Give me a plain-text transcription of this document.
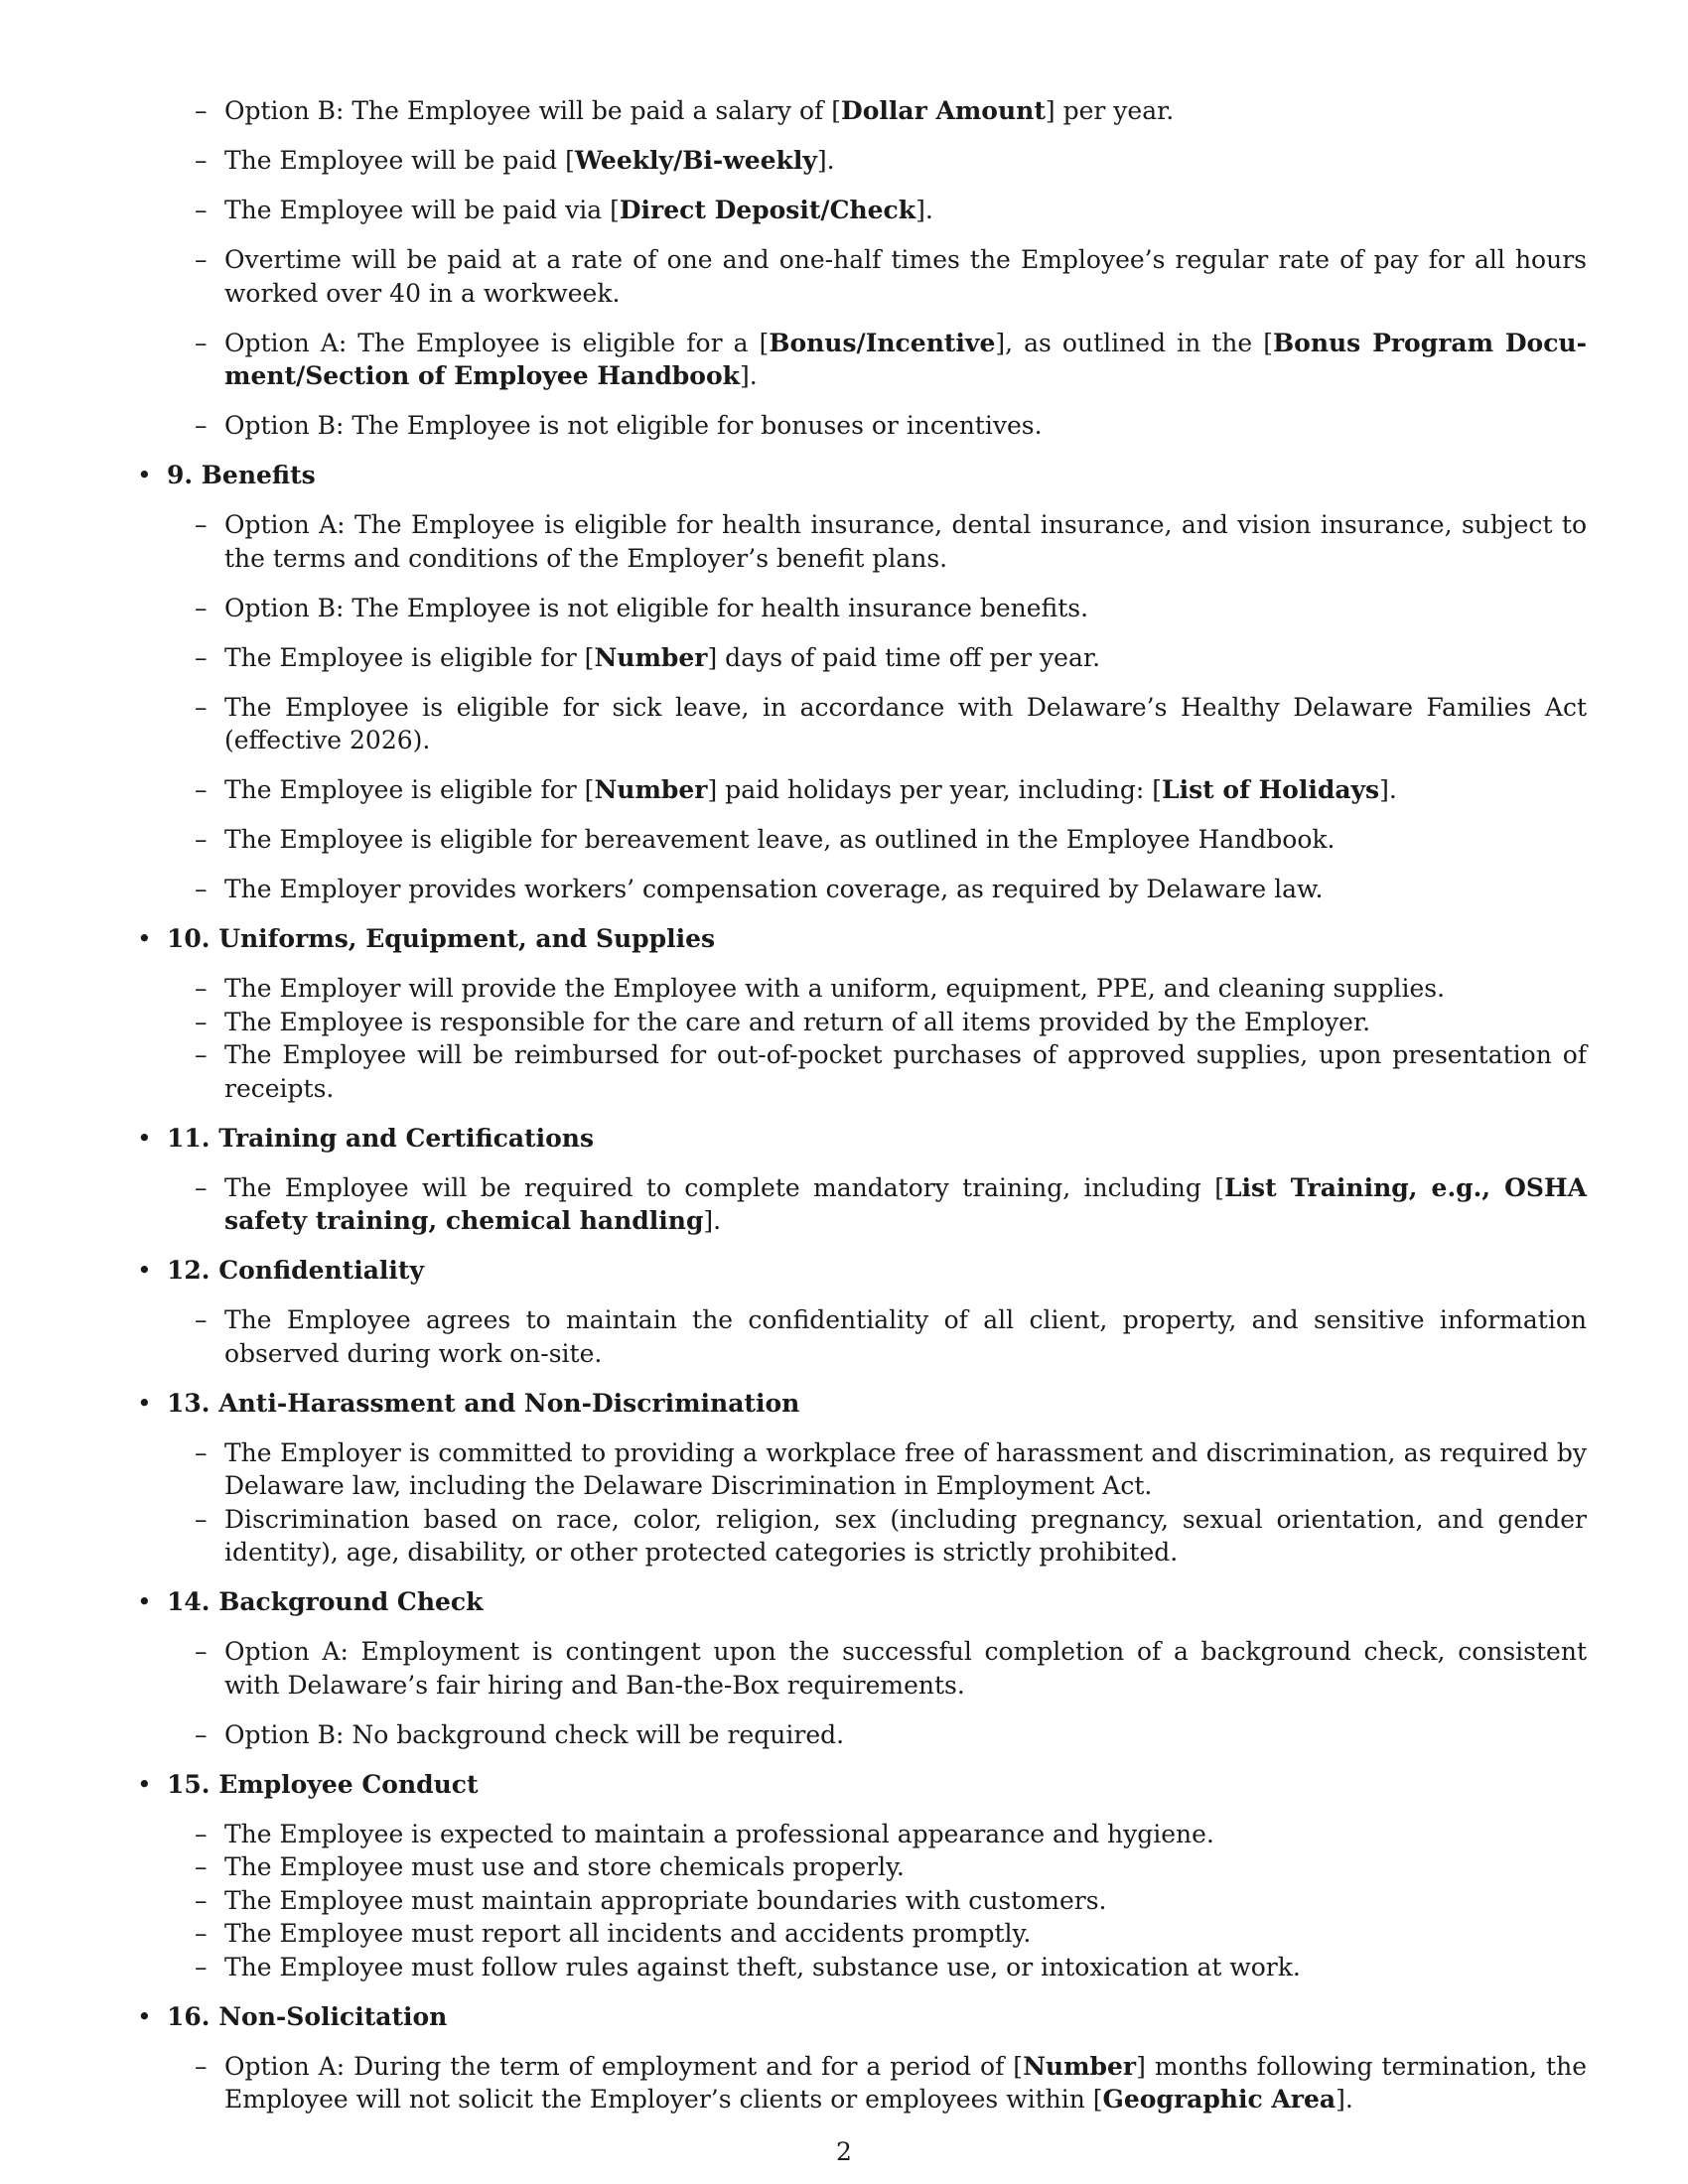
– Option B: The Employee will be paid a salary of [Dollar Amount] per year.
– The Employee will be paid [Weekly/Bi-weekly].
– The Employee will be paid via [Direct Deposit/Check].
– Overtime will be paid at a rate of one and one-half times the Employee’s regular rate of pay for all hours worked over 40 in a workweek.
– Option A: The Employee is eligible for a [Bonus/Incentive], as outlined in the [Bonus Program Document/Section of Employee Handbook].
– Option B: The Employee is not eligible for bonuses or incentives.
• 9. Benefits
– Option A: The Employee is eligible for health insurance, dental insurance, and vision insurance, subject to the terms and conditions of the Employer’s benefit plans.
– Option B: The Employee is not eligible for health insurance benefits.
– The Employee is eligible for [Number] days of paid time off per year.
– The Employee is eligible for sick leave, in accordance with Delaware’s Healthy Delaware Families Act (effective 2026).
– The Employee is eligible for [Number] paid holidays per year, including: [List of Holidays].
– The Employee is eligible for bereavement leave, as outlined in the Employee Handbook.
– The Employer provides workers’ compensation coverage, as required by Delaware law.
• 10. Uniforms, Equipment, and Supplies
– The Employer will provide the Employee with a uniform, equipment, PPE, and cleaning supplies.
– The Employee is responsible for the care and return of all items provided by the Employer.
– The Employee will be reimbursed for out-of-pocket purchases of approved supplies, upon presentation of receipts.
• 11. Training and Certifications
– The Employee will be required to complete mandatory training, including [List Training, e.g., OSHA safety training, chemical handling].
• 12. Confidentiality
– The Employee agrees to maintain the confidentiality of all client, property, and sensitive information observed during work on-site.
• 13. Anti-Harassment and Non-Discrimination
– The Employer is committed to providing a workplace free of harassment and discrimination, as required by Delaware law, including the Delaware Discrimination in Employment Act.
– Discrimination based on race, color, religion, sex (including pregnancy, sexual orientation, and gender identity), age, disability, or other protected categories is strictly prohibited.
• 14. Background Check
– Option A: Employment is contingent upon the successful completion of a background check, consistent with Delaware’s fair hiring and Ban-the-Box requirements.
– Option B: No background check will be required.
• 15. Employee Conduct
– The Employee is expected to maintain a professional appearance and hygiene.
– The Employee must use and store chemicals properly.
– The Employee must maintain appropriate boundaries with customers.
– The Employee must report all incidents and accidents promptly.
– The Employee must follow rules against theft, substance use, or intoxication at work.
• 16. Non-Solicitation
– Option A: During the term of employment and for a period of [Number] months following termination, the Employee will not solicit the Employer’s clients or employees within [Geographic Area].
2
